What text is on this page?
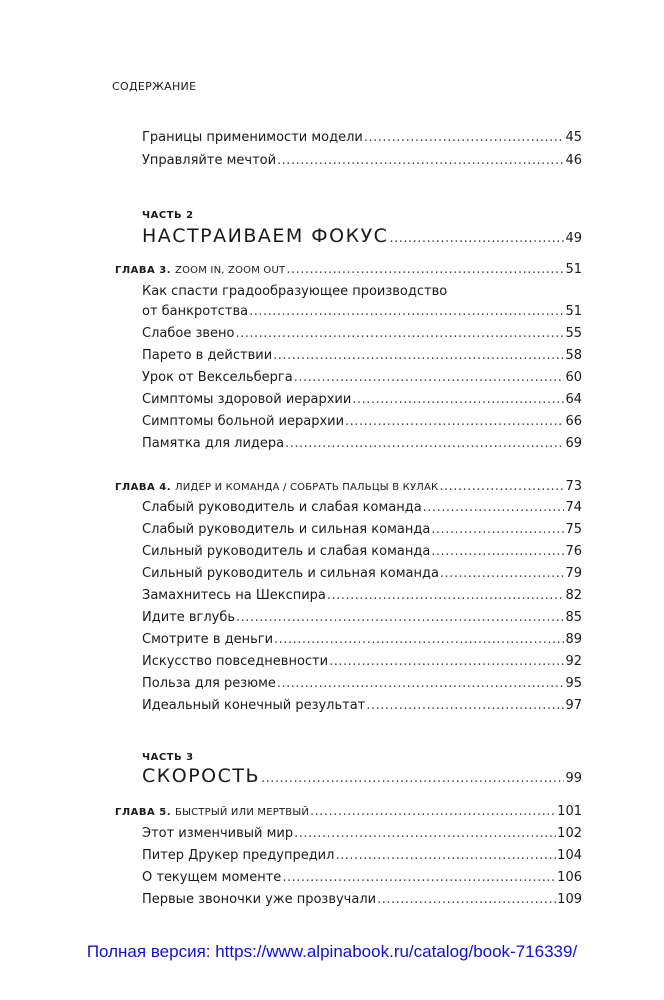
СОДЕРЖАНИЕ
Границы применимости модели .....	45
Управляйте мечтой .....	46
ЧАСТЬ 2
НАСТРАИВАЕМ ФОКУС .....	49
ГЛАВА 3. ZOOM IN, ZOOM OUT .....	51
Как спасти градообразующее производство
от банкротства .....	51
Слабое звено .....	55
Парето в действии .....	58
Урок от Вексельберга .....	60
Симптомы здоровой иерархии .....	64
Симптомы больной иерархии .....	66
Памятка для лидера .....	69
ГЛАВА 4. ЛИДЕР И КОМАНДА / СОБРАТЬ ПАЛЬЦЫ В КУЛАК .....	73
Слабый руководитель и слабая команда .....	74
Слабый руководитель и сильная команда .....	75
Сильный руководитель и слабая команда .....	76
Сильный руководитель и сильная команда .....	79
Замахнитесь на Шекспира .....	82
Идите вглубь .....	85
Смотрите в деньги .....	89
Искусство повседневности .....	92
Польза для резюме .....	95
Идеальный конечный результат .....	97
ЧАСТЬ 3
СКОРОСТЬ .....	99
ГЛАВА 5. БЫСТРЫЙ ИЛИ МЕРТВЫЙ .....	101
Этот изменчивый мир .....	102
Питер Друкер предупредил .....	104
О текущем моменте .....	106
Первые звоночки уже прозвучали .....	109
Полная версия: https://www.alpinabook.ru/catalog/book-716339/
